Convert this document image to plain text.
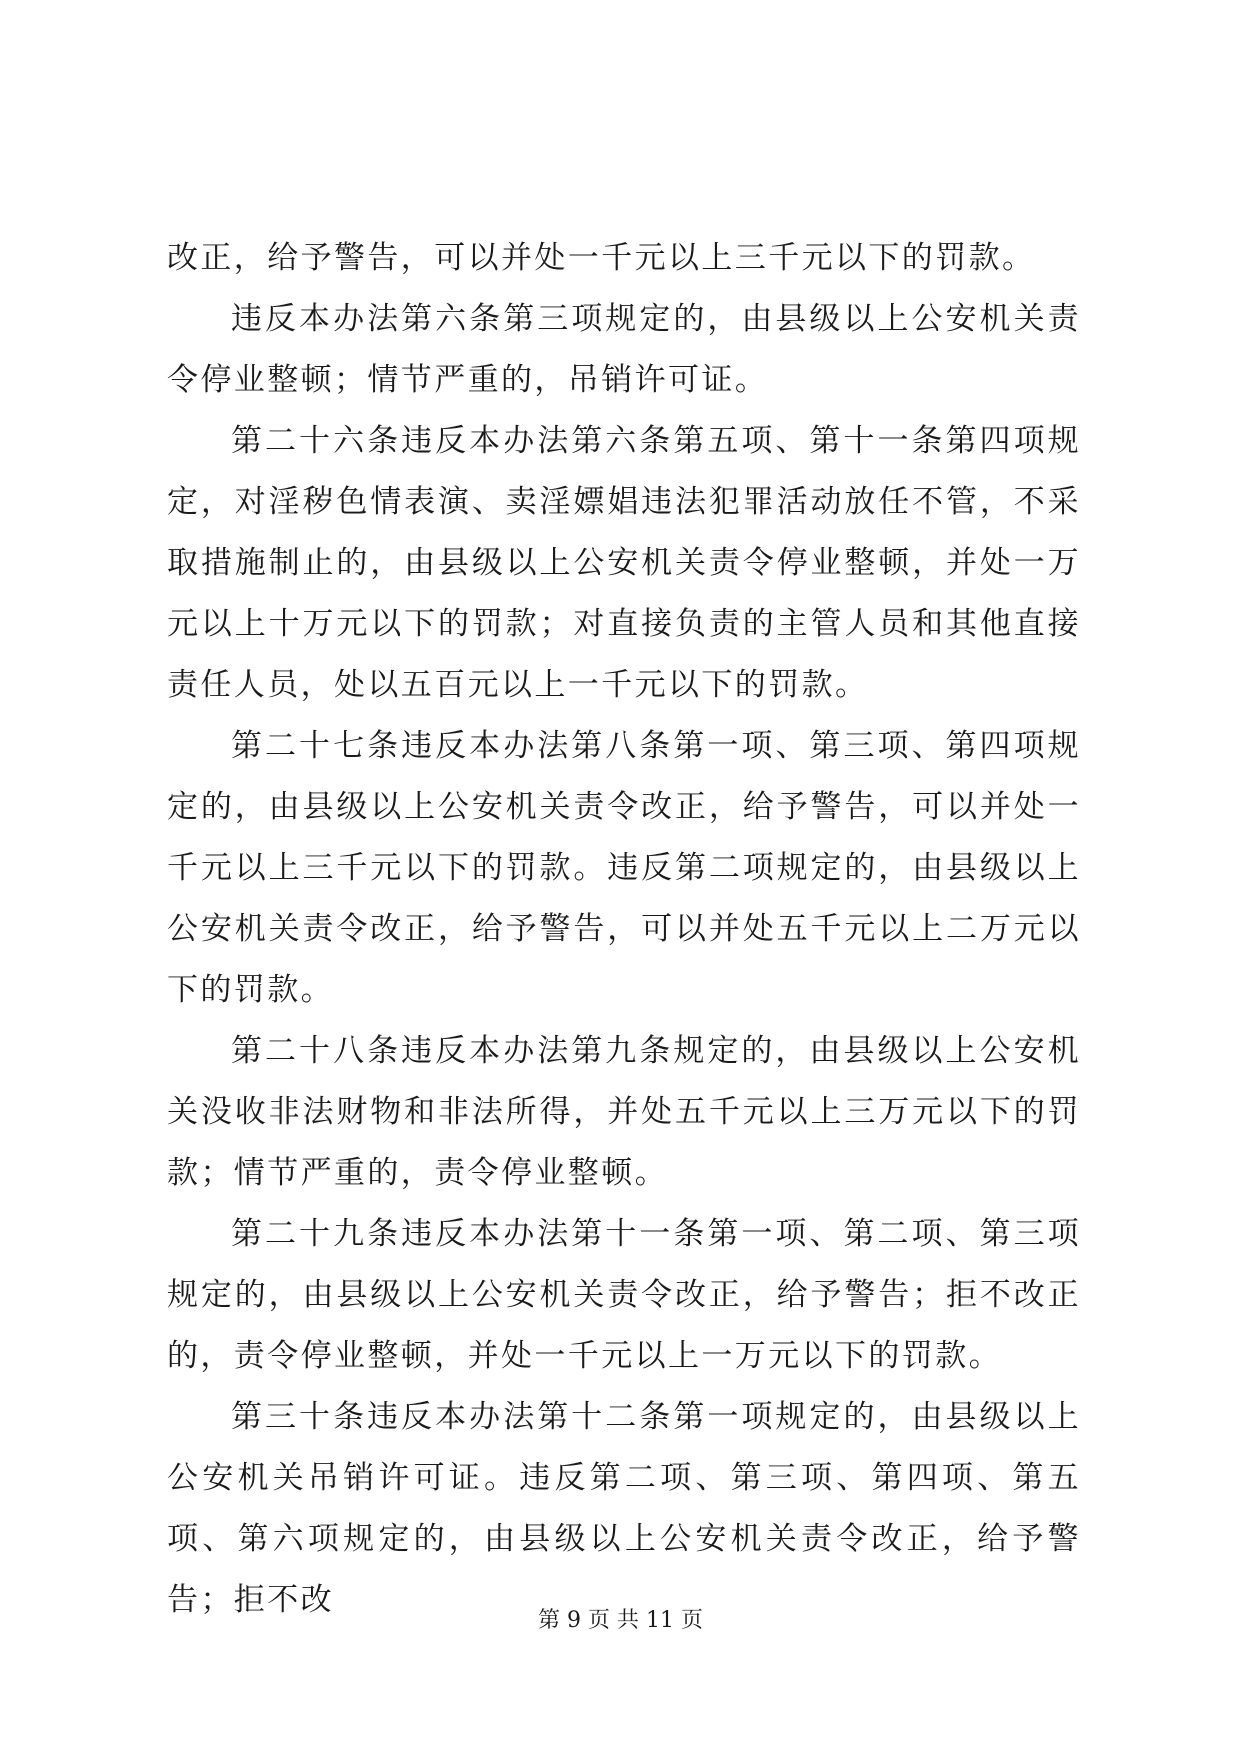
改正，给予警告，可以并处一千元以上三千元以下的罚款。

违反本办法第六条第三项规定的，由县级以上公安机关责令停业整顿；情节严重的，吊销许可证。

第二十六条违反本办法第六条第五项、第十一条第四项规定，对淫秽色情表演、卖淫嫖娼违法犯罪活动放任不管，不采取措施制止的，由县级以上公安机关责令停业整顿，并处一万元以上十万元以下的罚款；对直接负责的主管人员和其他直接责任人员，处以五百元以上一千元以下的罚款。

第二十七条违反本办法第八条第一项、第三项、第四项规定的，由县级以上公安机关责令改正，给予警告，可以并处一千元以上三千元以下的罚款。违反第二项规定的，由县级以上公安机关责令改正，给予警告，可以并处五千元以上二万元以下的罚款。

第二十八条违反本办法第九条规定的，由县级以上公安机关没收非法财物和非法所得，并处五千元以上三万元以下的罚款；情节严重的，责令停业整顿。

第二十九条违反本办法第十一条第一项、第二项、第三项规定的，由县级以上公安机关责令改正，给予警告；拒不改正的，责令停业整顿，并处一千元以上一万元以下的罚款。

第三十条违反本办法第十二条第一项规定的，由县级以上公安机关吊销许可证。违反第二项、第三项、第四项、第五项、第六项规定的，由县级以上公安机关责令改正，给予警告；拒不改

第 9 页 共 11 页
